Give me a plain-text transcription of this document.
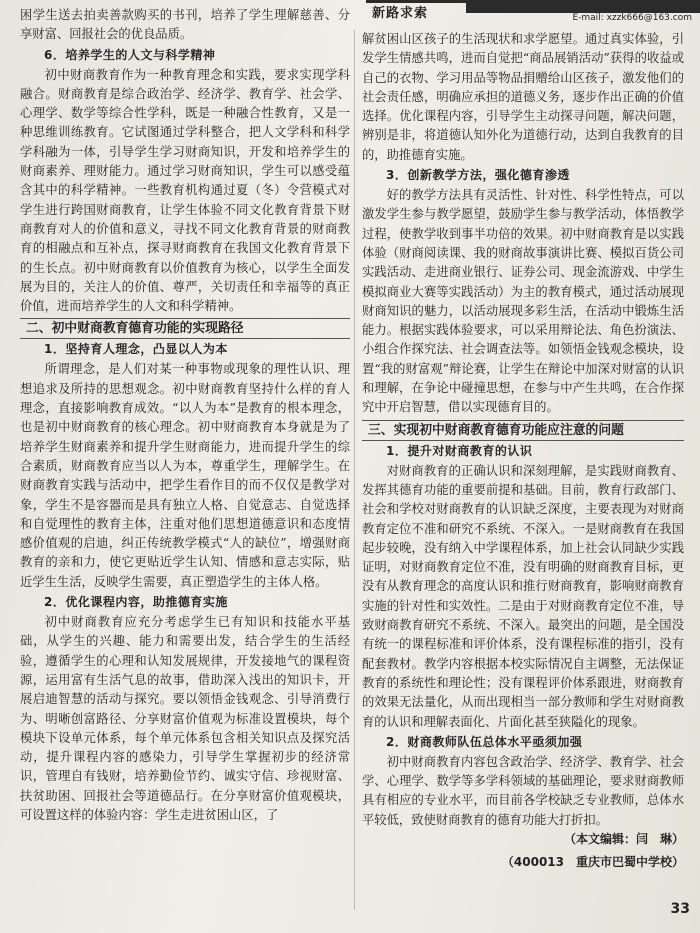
新路求索	E-mail: xzzk666@163.com

困学生送去拍卖善款购买的书刊，培养了学生理解慈善、分享财富、回报社会的优良品质。

6．培养学生的人文与科学精神

初中财商教育作为一种教育理念和实践，要求实现学科融合。财商教育是综合政治学、经济学、教育学、社会学、心理学、数学等综合性学科，既是一种融合性教育，又是一种思维训练教育。它试图通过学科整合，把人文学科和科学学科融为一体，引导学生学习财商知识，开发和培养学生的财商素养、理财能力。通过学习财商知识，学生可以感受蕴含其中的科学精神。一些教育机构通过夏（冬）令营模式对学生进行跨国财商教育，让学生体验不同文化教育背景下财商教育对人的价值和意义，寻找不同文化教育背景的财商教育的相融点和互补点，探寻财商教育在我国文化教育背景下的生长点。初中财商教育以价值教育为核心，以学生全面发展为目的，关注人的价值、尊严，关切责任和幸福等的真正价值，进而培养学生的人文和科学精神。

二、初中财商教育德育功能的实现路径
1．坚持育人理念，凸显以人为本

所谓理念，是人们对某一种事物或现象的理性认识、理想追求及所持的思想观念。初中财商教育坚持什么样的育人理念，直接影响教育成效。“以人为本”是教育的根本理念，也是初中财商教育的核心理念。初中财商教育本身就是为了培养学生财商素养和提升学生财商能力，进而提升学生的综合素质，财商教育应当以人为本，尊重学生，理解学生。在财商教育实践与活动中，把学生看作目的而不仅仅是教学对象，学生不是容器而是具有独立人格、自觉意志、自觉选择和自觉理性的教育主体，注重对他们思想道德意识和态度情感价值观的启迪，纠正传统教学模式“人的缺位”，增强财商教育的亲和力，使它更贴近学生认知、情感和意志实际，贴近学生生活，反映学生需要，真正塑造学生的主体人格。

2．优化课程内容，助推德育实施

初中财商教育应充分考虑学生已有知识和技能水平基础，从学生的兴趣、能力和需要出发，结合学生的生活经验，遵循学生的心理和认知发展规律，开发接地气的课程资源，运用富有生活气息的故事，借助深入浅出的知识卡，开展启迪智慧的活动与探究。要以领悟金钱观念、引导消费行为、明晰创富路径、分享财富价值观为标准设置模块，每个模块下设单元体系，每个单元体系包含相关知识点及探究活动，提升课程内容的感染力，引导学生掌握初步的经济常识，管理自有钱财，培养勤俭节约、诚实守信、珍视财富、扶贫助困、回报社会等道德品行。在分享财富价值观模块，可设置这样的体验内容：学生走进贫困山区，了

解贫困山区孩子的生活现状和求学愿望。通过真实体验，引发学生情感共鸣，进而自觉把“商品展销活动”获得的收益或自己的衣物、学习用品等物品捐赠给山区孩子，激发他们的社会责任感，明确应承担的道德义务，逐步作出正确的价值选择。优化课程内容，引导学生主动探寻问题，解决问题，辨别是非，将道德认知外化为道德行动，达到自我教育的目的，助推德育实施。

3．创新教学方法，强化德育渗透

好的教学方法具有灵活性、针对性、科学性特点，可以激发学生参与教学愿望，鼓励学生参与教学活动，体悟教学过程，使教学收到事半功倍的效果。初中财商教育是以实践体验（财商阅读课、我的财商故事演讲比赛、模拟百货公司实践活动、走进商业银行、证券公司、现金流游戏、中学生模拟商业大赛等实践活动）为主的教育模式，通过活动展现财商知识的魅力，以活动展现多彩生活，在活动中锻炼生活能力。根据实践体验要求，可以采用辩论法、角色扮演法、小组合作探究法、社会调查法等。如领悟金钱观念模块，设置“我的财富观”辩论赛，让学生在辩论中加深对财富的认识和理解，在争论中碰撞思想，在参与中产生共鸣，在合作探究中开启智慧，借以实现德育目的。

三、实现初中财商教育德育功能应注意的问题
1．提升对财商教育的认识

对财商教育的正确认识和深刻理解，是实践财商教育、发挥其德育功能的重要前提和基础。目前，教育行政部门、社会和学校对财商教育的认识缺乏深度，主要表现为对财商教育定位不准和研究不系统、不深入。一是财商教育在我国起步较晚，没有纳入中学课程体系，加上社会认同缺少实践证明，对财商教育定位不准，没有明确的财商教育目标，更没有从教育理念的高度认识和推行财商教育，影响财商教育实施的针对性和实效性。二是由于对财商教育定位不准，导致财商教育研究不系统、不深入。最突出的问题，是全国没有统一的课程标准和评价体系，没有课程标准的指引，没有配套教材。教学内容根据本校实际情况自主调整，无法保证教育的系统性和理论性；没有课程评价体系跟进，财商教育的效果无法量化，从而出现相当一部分教师和学生对财商教育的认识和理解表面化、片面化甚至狭隘化的现象。

2．财商教师队伍总体水平亟须加强

初中财商教育内容包含政治学、经济学、教育学、社会学、心理学、数学等多学科领域的基础理论，要求财商教师具有相应的专业水平，而目前各学校缺乏专业教师，总体水平较低，致使财商教育的德育功能大打折扣。

（本文编辑：闫　琳）
（400013　重庆市巴蜀中学校）
33
